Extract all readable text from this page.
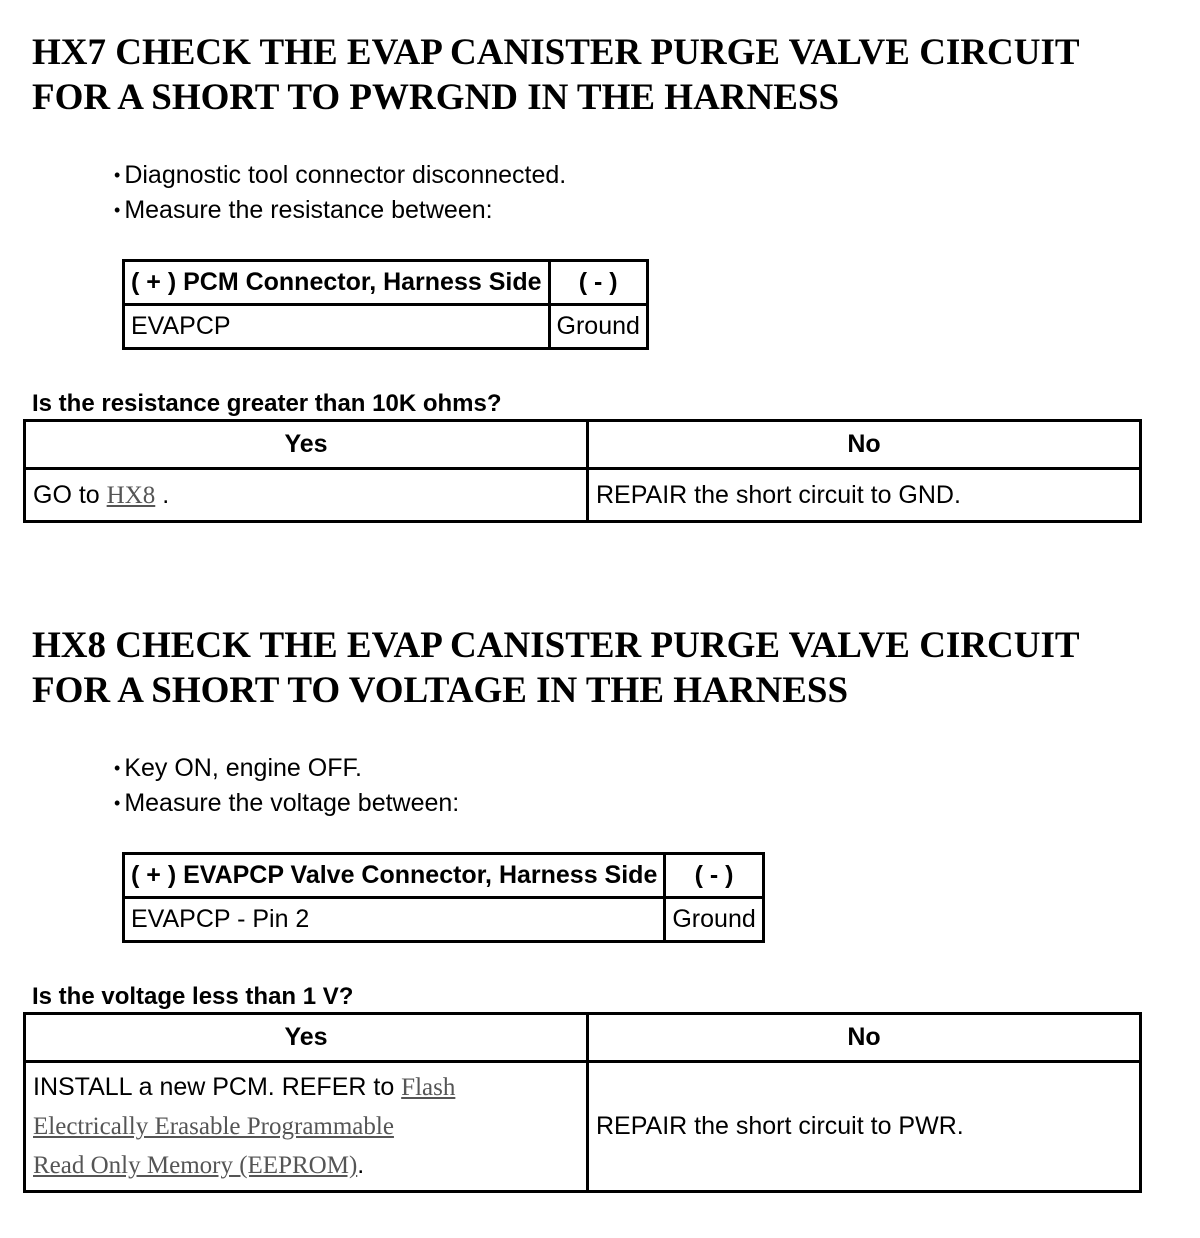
HX7 CHECK THE EVAP CANISTER PURGE VALVE CIRCUIT
FOR A SHORT TO PWRGND IN THE HARNESS
• Diagnostic tool connector disconnected.
• Measure the resistance between:
( + ) PCM Connector, Harness Side	( - )
EVAPCP	Ground

Is the resistance greater than 10K ohms?

Yes	No
GO to HX8 .	REPAIR the short circuit to GND.
HX8 CHECK THE EVAP CANISTER PURGE VALVE CIRCUIT
FOR A SHORT TO VOLTAGE IN THE HARNESS
• Key ON, engine OFF.
• Measure the voltage between:
( + ) EVAPCP Valve Connector, Harness Side	( - )
EVAPCP - Pin 2	Ground

Is the voltage less than 1 V?

Yes	No
INSTALL a new PCM. REFER to Flash
Electrically Erasable Programmable
Read Only Memory (EEPROM).	REPAIR the short circuit to PWR.
